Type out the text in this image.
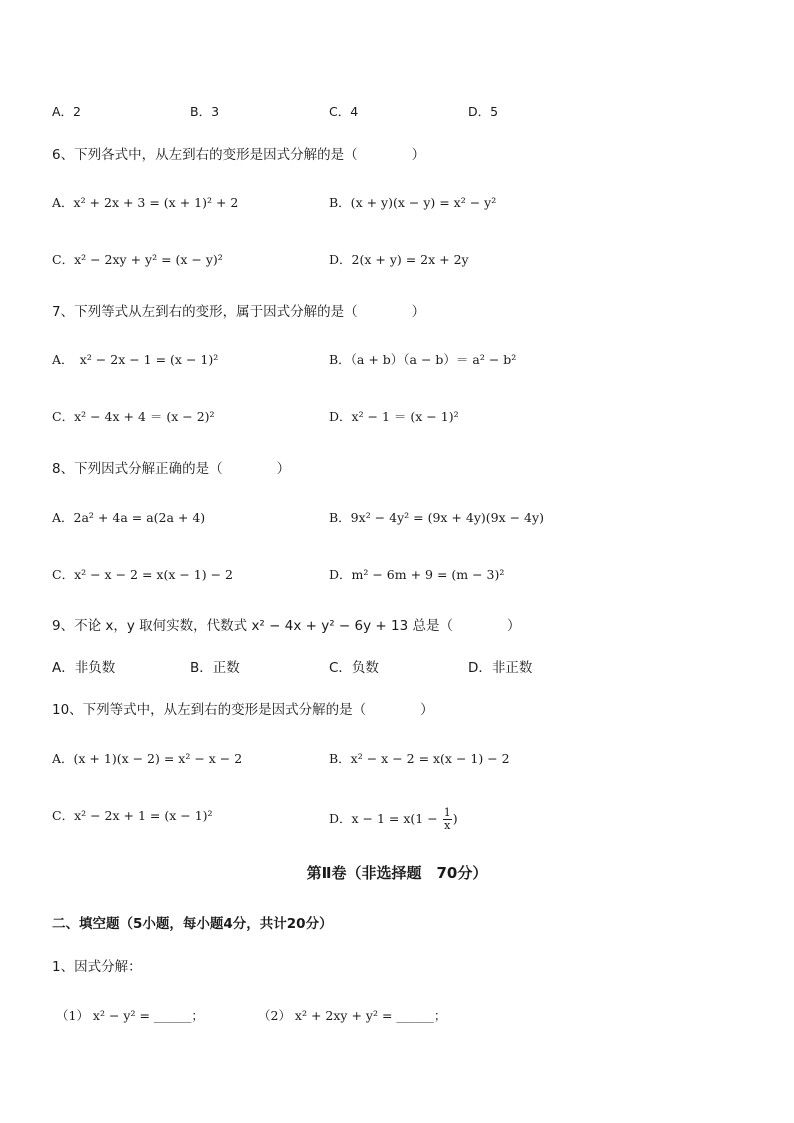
A．2	B．3	C．4	D．5
6、下列各式中，从左到右的变形是因式分解的是（　　　　）
A．x² + 2x + 3 = (x + 1)² + 2	B．(x + y)(x − y) = x² − y²
C．x² − 2xy + y² = (x − y)²	D．2(x + y) = 2x + 2y
7、下列等式从左到右的变形，属于因式分解的是（　　　　）
A．　x² − 2x − 1 = (x − 1)²	B．（a + b）（a − b）＝ a² − b²
C．x² − 4x + 4 ＝ (x − 2)²	D．x² − 1 ＝ (x − 1)²
8、下列因式分解正确的是（　　　　）
A．2a² + 4a = a(2a + 4)	B．9x² − 4y² = (9x + 4y)(9x − 4y)
C．x² − x − 2 = x(x − 1) − 2	D．m² − 6m + 9 = (m − 3)²
9、不论 x，y 取何实数，代数式 x² − 4x + y² − 6y + 13 总是（　　　　）
A．非负数	B．正数	C．负数	D．非正数
10、下列等式中，从左到右的变形是因式分解的是（　　　　）
A．(x + 1)(x − 2) = x² − x − 2	B．x² − x − 2 = x(x − 1) − 2
C．x² − 2x + 1 = (x − 1)²	D．$x - 1 = x(1 - \frac{1}{x}$ )
第Ⅱ卷（非选择题　70分）
二、填空题（5小题，每小题4分，共计20分）
1、因式分解：
（1） x² − y² = ______；	（2） x² + 2xy + y² = ______；
